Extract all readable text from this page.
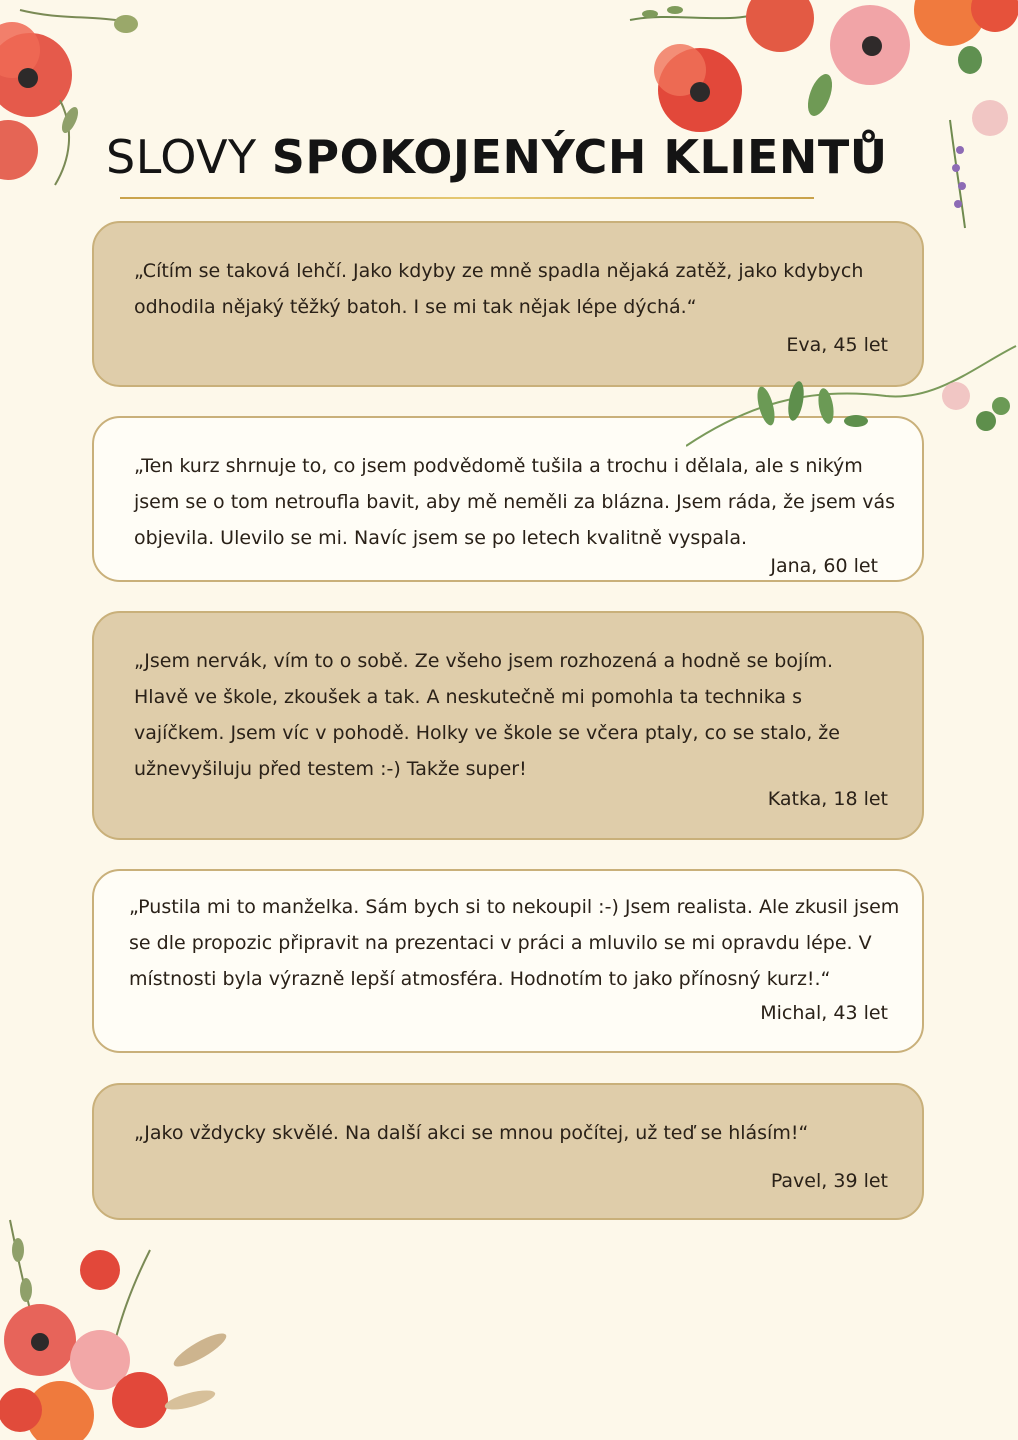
SLOVY SPOKOJENÝCH KLIENTŮ
„Cítím se taková lehčí. Jako kdyby ze mně spadla nějaká zatěž, jako kdybych odhodila nějaký těžký batoh. I se mi tak nějak lépe dýchá.“
Eva, 45 let
„Ten kurz shrnuje to, co jsem podvědomě tušila a trochu i dělala, ale s nikým jsem se o tom netroufla bavit, aby mě neměli za blázna. Jsem ráda, že jsem vás objevila. Ulevilo se mi. Navíc jsem se po letech kvalitně vyspala.
Jana, 60 let
„Jsem nervák, vím to o sobě. Ze všeho jsem rozhozená a hodně se bojím. Hlavě ve škole, zkoušek a tak. A neskutečně mi pomohla ta technika s vajíčkem. Jsem víc v pohodě. Holky ve škole se včera ptaly, co se stalo, že užnevyšiluju před testem :-) Takže super!
Katka, 18 let
„Pustila mi to manželka. Sám bych si to nekoupil :-) Jsem realista. Ale zkusil jsem se dle propozic připravit na prezentaci v práci a mluvilo se mi opravdu lépe. V místnosti byla výrazně lepší atmosféra. Hodnotím to jako přínosný kurz!.“
Michal, 43 let
„Jako vždycky skvělé. Na další akci se mnou počítej, už teď se hlásím!“
Pavel, 39 let
